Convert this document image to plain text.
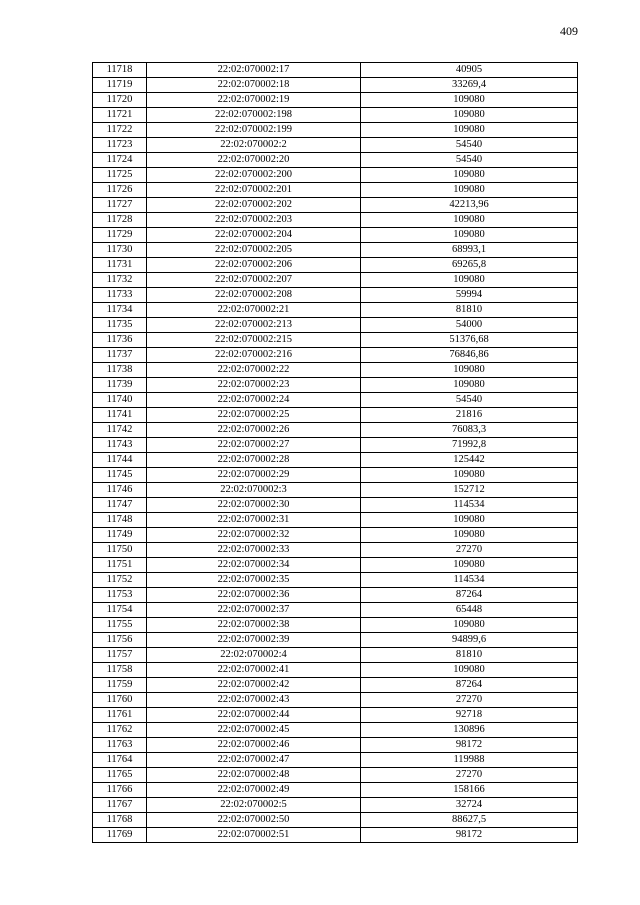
409
11718	22:02:070002:17	40905
11719	22:02:070002:18	33269,4
11720	22:02:070002:19	109080
11721	22:02:070002:198	109080
11722	22:02:070002:199	109080
11723	22:02:070002:2	54540
11724	22:02:070002:20	54540
11725	22:02:070002:200	109080
11726	22:02:070002:201	109080
11727	22:02:070002:202	42213,96
11728	22:02:070002:203	109080
11729	22:02:070002:204	109080
11730	22:02:070002:205	68993,1
11731	22:02:070002:206	69265,8
11732	22:02:070002:207	109080
11733	22:02:070002:208	59994
11734	22:02:070002:21	81810
11735	22:02:070002:213	54000
11736	22:02:070002:215	51376,68
11737	22:02:070002:216	76846,86
11738	22:02:070002:22	109080
11739	22:02:070002:23	109080
11740	22:02:070002:24	54540
11741	22:02:070002:25	21816
11742	22:02:070002:26	76083,3
11743	22:02:070002:27	71992,8
11744	22:02:070002:28	125442
11745	22:02:070002:29	109080
11746	22:02:070002:3	152712
11747	22:02:070002:30	114534
11748	22:02:070002:31	109080
11749	22:02:070002:32	109080
11750	22:02:070002:33	27270
11751	22:02:070002:34	109080
11752	22:02:070002:35	114534
11753	22:02:070002:36	87264
11754	22:02:070002:37	65448
11755	22:02:070002:38	109080
11756	22:02:070002:39	94899,6
11757	22:02:070002:4	81810
11758	22:02:070002:41	109080
11759	22:02:070002:42	87264
11760	22:02:070002:43	27270
11761	22:02:070002:44	92718
11762	22:02:070002:45	130896
11763	22:02:070002:46	98172
11764	22:02:070002:47	119988
11765	22:02:070002:48	27270
11766	22:02:070002:49	158166
11767	22:02:070002:5	32724
11768	22:02:070002:50	88627,5
11769	22:02:070002:51	98172
